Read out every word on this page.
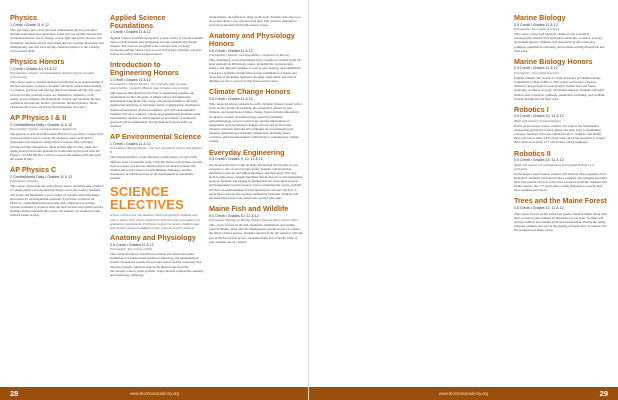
Physics
1 Credit • Grade 11 & 12
This year-long class covers the most fundamental physics principles through exploration and application. Units of focus include: motion and accelerated motion, forces, energy, waves, light and optics, electric, and hydraulics. Students will get their hands dirty by creating, dissecting, and manipulating, and will leave having connected physics to the working world around them.
Physics Honors
1 Credit • Grades 10, 11 & 12
Prerequisites: Teacher recommendation, Algebra II (may be taken concurrently)
This course seeks to expand students' introduction to an understanding of the first principles of physics. Students will apply gained understanding to complex, practical, and relevant physical problem solving. The areas of focus for this yearlong course are: kinematics, dynamics, work, energy, power, impulse and momentum, circular and rotational motion, oscillation and periodic motion, gravitation, thermodynamics, fluids, vibrations and waves, electricity and magnetism, and optics.
AP Physics I & II
2 Credits/Meets Daily • Grades 11 & 12
Prerequisites: Teacher recommendation, Algebra II
The purpose of Advanced Placement Physics is to provide a college level course in physics and to prepare the student to seek credit and/or appropriate placement in college physics courses.They will apply problem solving strategies for much of their time in class, while also taking notes from lecture material for homework.Topics from both AP Physics 1 and AP Physics 2 will be covered and students will take both AP exams in May.
AP Physics C
2 Credits/Meets Daily • Grades 11 & 12
Prerequisite Calculus
This course will include the same physics topics, including labs, required of college physics and engineering majors across the country. Students will derive and implement a great variety of calculus-based mechanics and electricity and magnetism equations. Even more so than in AP Physics C, multidimensional reasoning and competence in solving calculus problems is required. Only the most serious and capable physics students should undertake this course. All students are required to take both AP exams in May.
Applied Science Foundations
1 Credit • Grades 11 & 12
Applied Science Foundations explores a wide variety of current scientific topics to help students near graduation become scientifically literate citizens. The class covers global-scale concepts such as energy production and the carbon cycle as well as everyday scientific concepts such as fire safety and food preservation.
Introduction to Engineering Honors
1 Credit • Grades 11 & 12
Prerequisites: Physics Honors - Pre-Calculus (may be taken concurrently), Chemistry Honors (may be taken concurrently)
This rigorous introduction to the field of engineering satisfies one requirement for the University of Maine School of Engineering Articulation Agreement. The course will expose students to the basic engineering principles of four major fields of engineering: mechanical, chemical/biomedical, electrical/computer, and civil/environmental. Students will solve complex, college-level engineering problems using experimental, analytical, and/or numerical procedures. A teamwork approach will be emphasized. Strong math and physics skills are required.
AP Environmental Science
1 Credit • Grades 11 & 12
Prerequisite: Biology Honors, one year of physical science and Algebra II
This interdisciplinary course embraces a wide variety of topics from different areas of scientific study. Unifying themes will include concepts such as science as a process, human impact on natural systems, the cultural and social context of environmental challenges, and the dependence of human survival on the development of sustainable systems.
SCIENCE ELECTIVES
Science electives are one semester classes designed for students who wish to add to their science experience. Electives may not replace core graduation requirements. Preference is given to seniors. Students may take elective classes in addition to their required science class(es).
Anatomy and Physiology
0.5 Credit • Grades 11 & 12
Prerequisite: Two science credits
This course introduces anatomical positions and directional terms, maintenance of homeostasis, medical terminology, the integumentary system, the skeletal system, the eyes and vision, and the respiratory and digestive systems. Students explore the human body from the microscopic scale to organ systems. Topics include comparative anatomy and physiology, pathology,
biomechanics, and effects of aging on the body. Students who choose to do so may dissect cow eyes and fetal pigs. This course is designed to serve those interested in health-related careers.
Anatomy and Physiology Honors
0.5 Credit • Grades 11 & 12
Prerequisites: Teacher recommendation, completion of Biology
This challenging course investigates body systems not studied in the CP-level Anatomy & Physiology course, including the cardiovascular, urinary, and digestive systems, as well as ears, hearing, and equilibrium. Laboratory activities include microscopic examination of tissues and dissection of the kidney and heart. Reading, study skills, and critical thinking are key to success in this honors-level course.
Climate Change Honors
0.5 Credit • Grades 11 & 12
This course introduces students to earth's dynamic climate system with a focus on the current environment, the perspective offered by past climates, and projections of future change. Topics include atmospheric circulation, weather and meteorology, seasonal variability, paleoclimatology, sea level, glaciology, and the implications of temperature and precipitation changes on local and global scales. Students will learn field and lab techniques for reconstructing past climates, gathering and analyzing climate data, modeling future scenarios, and assessing human contributions to contemporary climate change.
Everyday Engineering
0.5 Credit • Grades 9, 10, 11 & 12
Our modern lifestyle is built on many mechanical devices that we use everyday to rely on for everyday living. Students will learn basic mechanical concepts and simple machines, and then apply what they learn to make more complex machines that model real-world engineering projects. Students will engage in engineering labs, prescribed projects, and independent creative projects. Upon completing the course, students will have an understanding of basic mechanical concepts and how to apply those concepts into solving engineering problems. Students will use hand-held power tools, hand tools, and hot glue guns.
Maine Fish and Wildlife
0.5 Credit • Grades 10, 11 & 12
Prerequisite: Biology or Biology Honors (may be taken concurrently)
This course focuses on the fish, mammals, amphibians, and reptiles found in Maine, along with the management systems in place to ensure the future of these species. Students enrolled in the fall semester will take part in the TA squirrel project, an annual mark and recapture study of gray squirrels on our campus.
28	www.thorntonacademy.org
Marine Biology
0.5 Credit • Grades 11 & 12
Prerequisite: Two credits of science
This course covers both physical, chemical, and geological oceanography; marine flora and fauna; taxonomy, evolution, ecology, and human impacts. Students will build skills in data collection, synthesis, quantitative reasoning, and problem-solving through lab and field work.
Marine Biology Honors
0.5 Credit • Grades 11 & 12
Prerequisite: Two credits of science
Eligible students will receive 4 credits in science at Southern Maine Community College (SMCC). This course covers basic physical, chemical, and geological oceanography; marine flora and fauna; taxonomy, evolution, ecology, and human impacts. Students will build skills in data collection, synthesis, quantitative reasoning, and problem-solving through lab and field work.
Robotics I
0.5 Credit • Grades 10, 11 & 12
(Both with teacher recommendation)
In this project-based course, students will explore the fundamental engineering principles of robot design and learn basic programming concepts. Students will work collaboratively to construct and modify their own robots using VEX robotics kits and write programs to control their robots in both the C++ and Python coding languages.
Robotics II
0.5 Credit • Grades 10, 11 & 12
(Both with teacher recommendation) Prerequisite Robotics I or equivalent
In this project-based course, students will build on their experience from Robotics I. Students will research more complex robot designs and build their own custom robots to solve more advanced problems. Students will further explore the C++ and Python coding languages to operate their more sophisticated robots.
Trees and the Maine Forest
0.5 Credit • Grades 10, 11 & 12
This course focuses on the native tree species found in Maine along with their ecological and commercial importance to our state. Students will develop skills in tree identification and measurement. During the spring semester, students take part in the tapping of maple trees on campus and the production of maple syrup.
www.thorntonacademy.org	29
